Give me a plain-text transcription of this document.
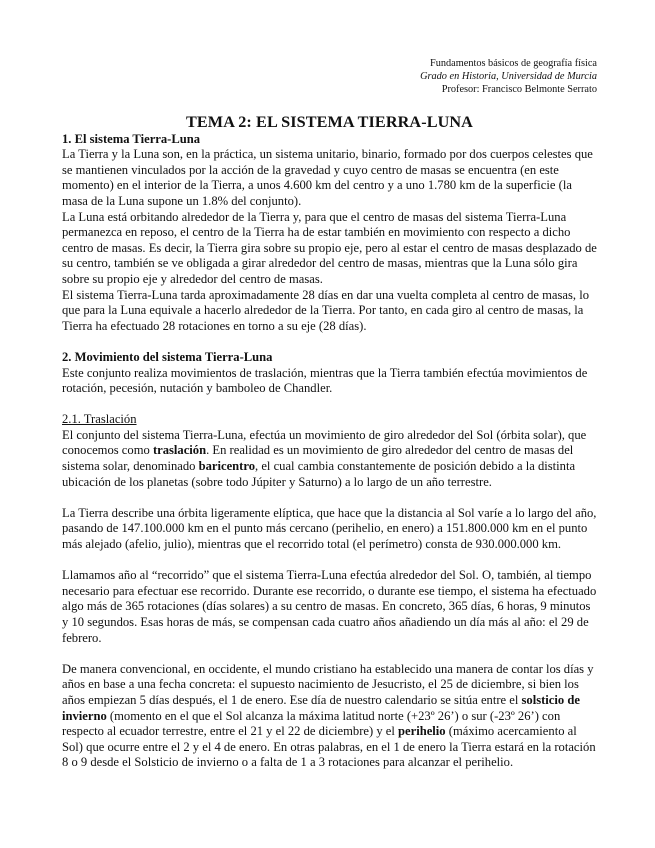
Fundamentos básicos de geografía física
Grado en Historia, Universidad de Murcia
Profesor: Francisco Belmonte Serrato
TEMA 2: EL SISTEMA TIERRA-LUNA
1. El sistema Tierra-Luna

La Tierra y la Luna son, en la práctica, un sistema unitario, binario, formado por dos cuerpos celestes que se mantienen vinculados por la acción de la gravedad y cuyo centro de masas se encuentra (en este momento) en el interior de la Tierra, a unos 4.600 km del centro y a uno 1.780 km de la superficie (la masa de la Luna supone un 1.8% del conjunto).

La Luna está orbitando alrededor de la Tierra y, para que el centro de masas del sistema Tierra-Luna permanezca en reposo, el centro de la Tierra ha de estar también en movimiento con respecto a dicho centro de masas. Es decir, la Tierra gira sobre su propio eje, pero al estar el centro de masas desplazado de su centro, también se ve obligada a girar alrededor del centro de masas, mientras que la Luna sólo gira sobre su propio eje y alrededor del centro de masas.

El sistema Tierra-Luna tarda aproximadamente 28 días en dar una vuelta completa al centro de masas, lo que para la Luna equivale a hacerlo alrededor de la Tierra. Por tanto, en cada giro al centro de masas, la Tierra ha efectuado 28 rotaciones en torno a su eje (28 días).

2. Movimiento del sistema Tierra-Luna

Este conjunto realiza movimientos de traslación, mientras que la Tierra también efectúa movimientos de rotación, pecesión, nutación y bamboleo de Chandler.

2.1. Traslación

El conjunto del sistema Tierra-Luna, efectúa un movimiento de giro alrededor del Sol (órbita solar), que conocemos como traslación. En realidad es un movimiento de giro alrededor del centro de masas del sistema solar, denominado baricentro, el cual cambia constantemente de posición debido a la distinta ubicación de los planetas (sobre todo Júpiter y Saturno) a lo largo de un año terrestre.

La Tierra describe una órbita ligeramente elíptica, que hace que la distancia al Sol varíe a lo largo del año, pasando de 147.100.000 km en el punto más cercano (perihelio, en enero) a 151.800.000 km en el punto más alejado (afelio, julio), mientras que el recorrido total (el perímetro) consta de 930.000.000 km.

Llamamos año al “recorrido” que el sistema Tierra-Luna efectúa alrededor del Sol. O, también, al tiempo necesario para efectuar ese recorrido. Durante ese recorrido, o durante ese tiempo, el sistema ha efectuado algo más de 365 rotaciones (días solares) a su centro de masas. En concreto, 365 días, 6 horas, 9 minutos y 10 segundos. Esas horas de más, se compensan cada cuatro años añadiendo un día más al año: el 29 de febrero.

De manera convencional, en occidente, el mundo cristiano ha establecido una manera de contar los días y años en base a una fecha concreta: el supuesto nacimiento de Jesucristo, el 25 de diciembre, si bien los años empiezan 5 días después, el 1 de enero. Ese día de nuestro calendario se sitúa entre el solsticio de invierno (momento en el que el Sol alcanza la máxima latitud norte (+23º 26’) o sur (-23º 26’) con respecto al ecuador terrestre, entre el 21 y el 22 de diciembre) y el perihelio (máximo acercamiento al Sol) que ocurre entre el 2 y el 4 de enero. En otras palabras, en el 1 de enero la Tierra estará en la rotación 8 o 9 desde el Solsticio de invierno o a falta de 1 a 3 rotaciones para alcanzar el perihelio.
